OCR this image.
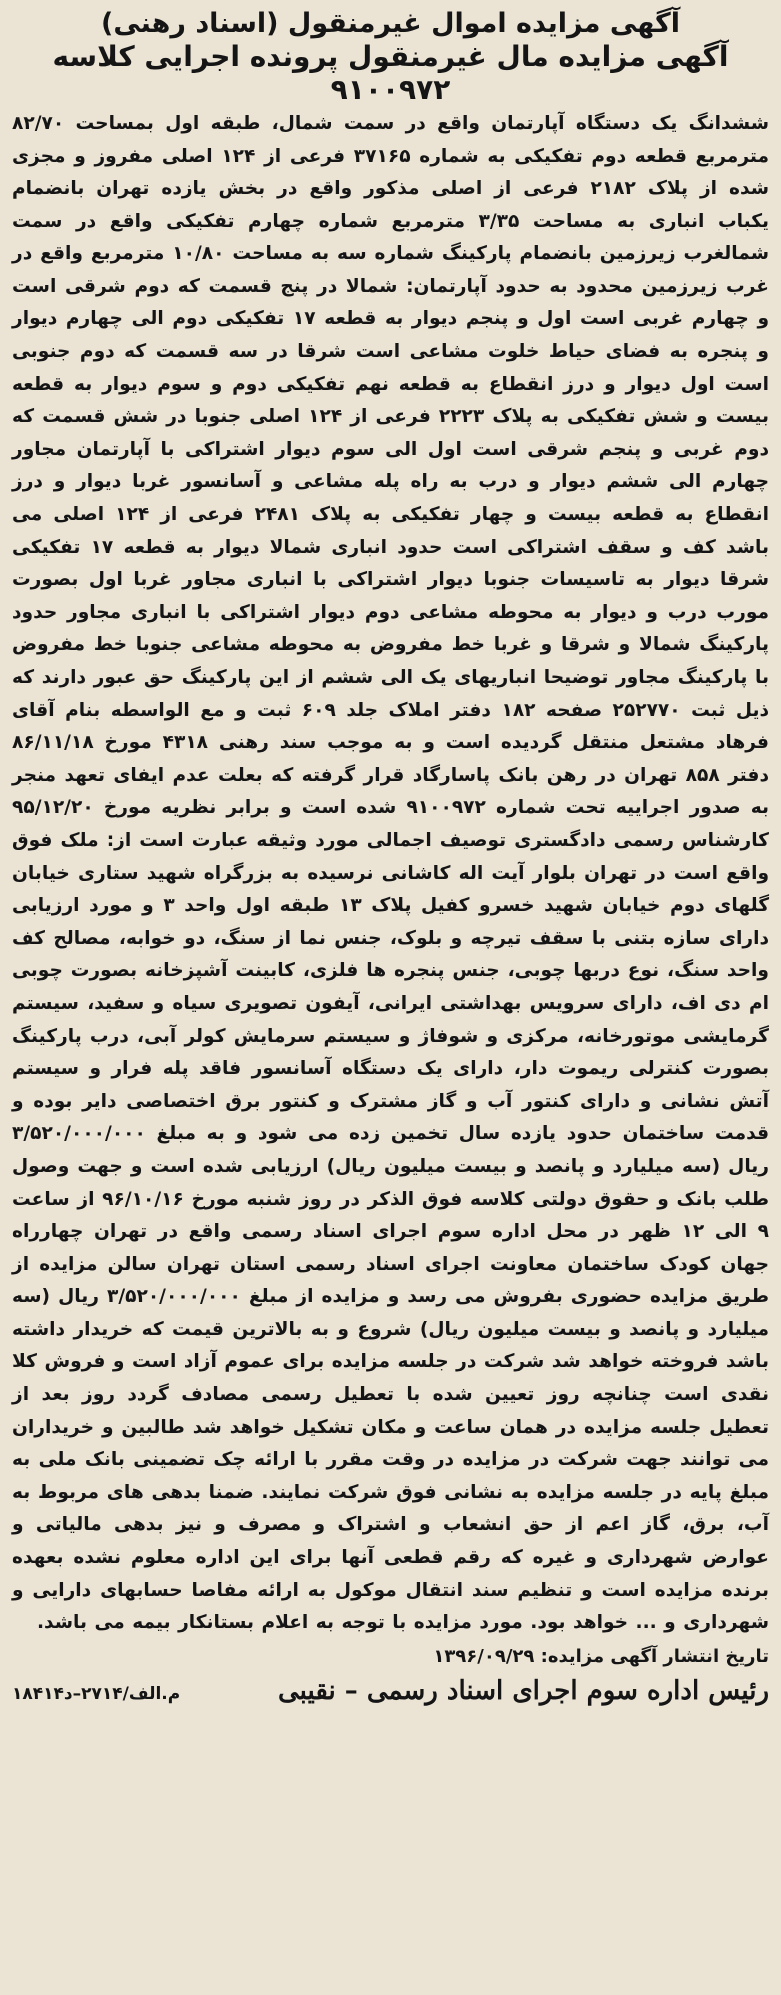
آگهی مزایده اموال غیرمنقول (اسناد رهنی)
آگهی مزایده مال غیرمنقول پرونده اجرایی کلاسه ۹۱۰۰۹۷۲

ششدانگ یک دستگاه آپارتمان واقع در سمت شمال، طبقه اول بمساحت ۸۲/۷۰ مترمربع قطعه دوم تفکیکی به شماره ۳۷۱۶۵ فرعی از ۱۲۴ اصلی مفروز و مجزی شده از پلاک ۲۱۸۲ فرعی از اصلی مذکور واقع در بخش یازده تهران بانضمام یکباب انباری به مساحت ۳/۳۵ مترمربع شماره چهارم تفکیکی واقع در سمت شمالغرب زیرزمین بانضمام پارکینگ شماره سه به مساحت ۱۰/۸۰ مترمربع واقع در غرب زیرزمین محدود به حدود آپارتمان: شمالا در پنج قسمت که دوم شرقی است و چهارم غربی است اول و پنجم دیوار به قطعه ۱۷ تفکیکی دوم الی چهارم دیوار و پنجره به فضای حیاط خلوت مشاعی است شرقا در سه قسمت که دوم جنوبی است اول دیوار و درز انقطاع به قطعه نهم تفکیکی دوم و سوم دیوار به قطعه بیست و شش تفکیکی به پلاک ۲۲۲۳ فرعی از ۱۲۴ اصلی جنوبا در شش قسمت که دوم غربی و پنجم شرقی است اول الی سوم دیوار اشتراکی با آپارتمان مجاور چهارم الی ششم دیوار و درب به راه پله مشاعی و آسانسور غربا دیوار و درز انقطاع به قطعه بیست و چهار تفکیکی به پلاک ۲۴۸۱ فرعی از ۱۲۴ اصلی می باشد کف و سقف اشتراکی است حدود انباری شمالا دیوار به قطعه ۱۷ تفکیکی شرقا دیوار به تاسیسات جنوبا دیوار اشتراکی با انباری مجاور غربا اول بصورت مورب درب و دیوار به محوطه مشاعی دوم دیوار اشتراکی با انباری مجاور حدود پارکینگ شمالا و شرقا و غربا خط مفروض به محوطه مشاعی جنوبا خط مفروض با پارکینگ مجاور توضیحا انباریهای یک الی ششم از این پارکینگ حق عبور دارند که ذیل ثبت ۲۵۲۷۷۰ صفحه ۱۸۲ دفتر املاک جلد ۶۰۹ ثبت و مع الواسطه بنام آقای فرهاد مشتعل منتقل گردیده است و به موجب سند رهنی ۴۳۱۸ مورخ ۸۶/۱۱/۱۸ دفتر ۸۵۸ تهران در رهن بانک پاسارگاد قرار گرفته که بعلت عدم ایفای تعهد منجر به صدور اجراییه تحت شماره ۹۱۰۰۹۷۲ شده است و برابر نظریه مورخ ۹۵/۱۲/۲۰ کارشناس رسمی دادگستری توصیف اجمالی مورد وثیقه عبارت است از: ملک فوق واقع است در تهران بلوار آیت اله کاشانی نرسیده به بزرگراه شهید ستاری خیابان گلهای دوم خیابان شهید خسرو کفیل پلاک ۱۳ طبقه اول واحد ۳ و مورد ارزیابی دارای سازه بتنی با سقف تیرچه و بلوک، جنس نما از سنگ، دو خوابه، مصالح کف واحد سنگ، نوع دربها چوبی، جنس پنجره ها فلزی، کابینت آشپزخانه بصورت چوبی ام دی اف، دارای سرویس بهداشتی ایرانی، آیفون تصویری سیاه و سفید، سیستم گرمایشی موتورخانه، مرکزی و شوفاژ و سیستم سرمایش کولر آبی، درب پارکینگ بصورت کنترلی ریموت دار، دارای یک دستگاه آسانسور فاقد پله فرار و سیستم آتش نشانی و دارای کنتور آب و گاز مشترک و کنتور برق اختصاصی دایر بوده و قدمت ساختمان حدود یازده سال تخمین زده می شود و به مبلغ ۳/۵۲۰/۰۰۰/۰۰۰ ریال (سه میلیارد و پانصد و بیست میلیون ریال) ارزیابی شده است و جهت وصول طلب بانک و حقوق دولتی کلاسه فوق الذکر در روز شنبه مورخ ۹۶/۱۰/۱۶ از ساعت ۹ الی ۱۲ ظهر در محل اداره سوم اجرای اسناد رسمی واقع در تهران چهارراه جهان کودک ساختمان معاونت اجرای اسناد رسمی استان تهران سالن مزایده از طریق مزایده حضوری بفروش می رسد و مزایده از مبلغ ۳/۵۲۰/۰۰۰/۰۰۰ ریال (سه میلیارد و پانصد و بیست میلیون ریال) شروع و به بالاترین قیمت که خریدار داشته باشد فروخته خواهد شد شرکت در جلسه مزایده برای عموم آزاد است و فروش کلا نقدی است چنانچه روز تعیین شده با تعطیل رسمی مصادف گردد روز بعد از تعطیل جلسه مزایده در همان ساعت و مکان تشکیل خواهد شد طالبین و خریداران می توانند جهت شرکت در مزایده در وقت مقرر با ارائه چک تضمینی بانک ملی به مبلغ پایه در جلسه مزایده به نشانی فوق شرکت نمایند. ضمنا بدهی های مربوط به آب، برق، گاز اعم از حق انشعاب و اشتراک و مصرف و نیز بدهی مالیاتی و عوارض شهرداری و غیره که رقم قطعی آنها برای این اداره معلوم نشده بعهده برنده مزایده است و تنظیم سند انتقال موکول به ارائه مفاصا حسابهای دارایی و شهرداری و ... خواهد بود. مورد مزایده با توجه به اعلام بستانکار بیمه می باشد.

تاریخ انتشار آگهی مزایده: ۱۳۹۶/۰۹/۲۹
رئیس اداره سوم اجرای اسناد رسمی – نقیبی
۱۸۴۱۴م.الف/۲۷۱۴–د
